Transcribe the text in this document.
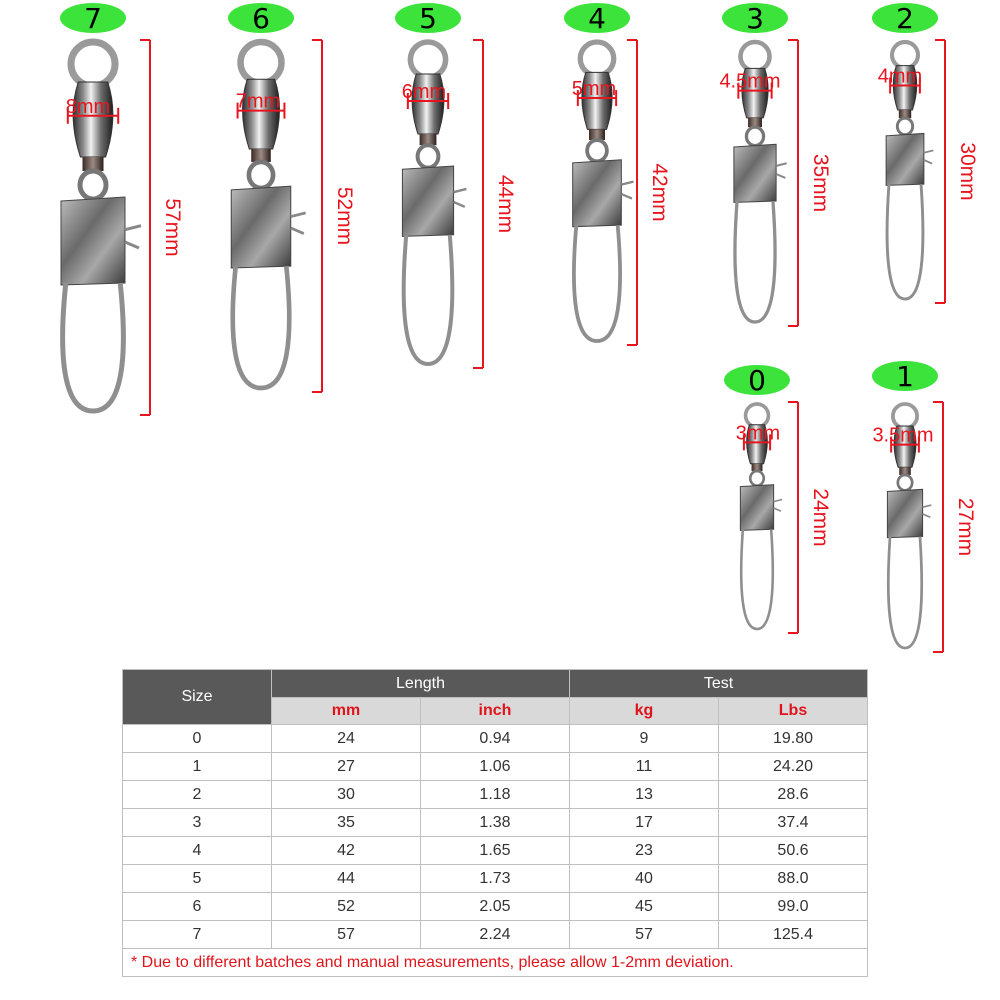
7
8mm
57mm
6
7mm
52mm
5
6mm
44mm
4
5mm
42mm
3
4.5mm
35mm
2
4mm
30mm
0
3mm
24mm
1
3.5mm
27mm
Size	Length		Test	
	mm	inch	kg	Lbs
0	24	0.94	9	19.80
1	27	1.06	11	24.20
2	30	1.18	13	28.6
3	35	1.38	17	37.4
4	42	1.65	23	50.6
5	44	1.73	40	88.0
6	52	2.05	45	99.0
7	57	2.24	57	125.4
* Due to different batches and manual measurements, please allow 1-2mm deviation.				
